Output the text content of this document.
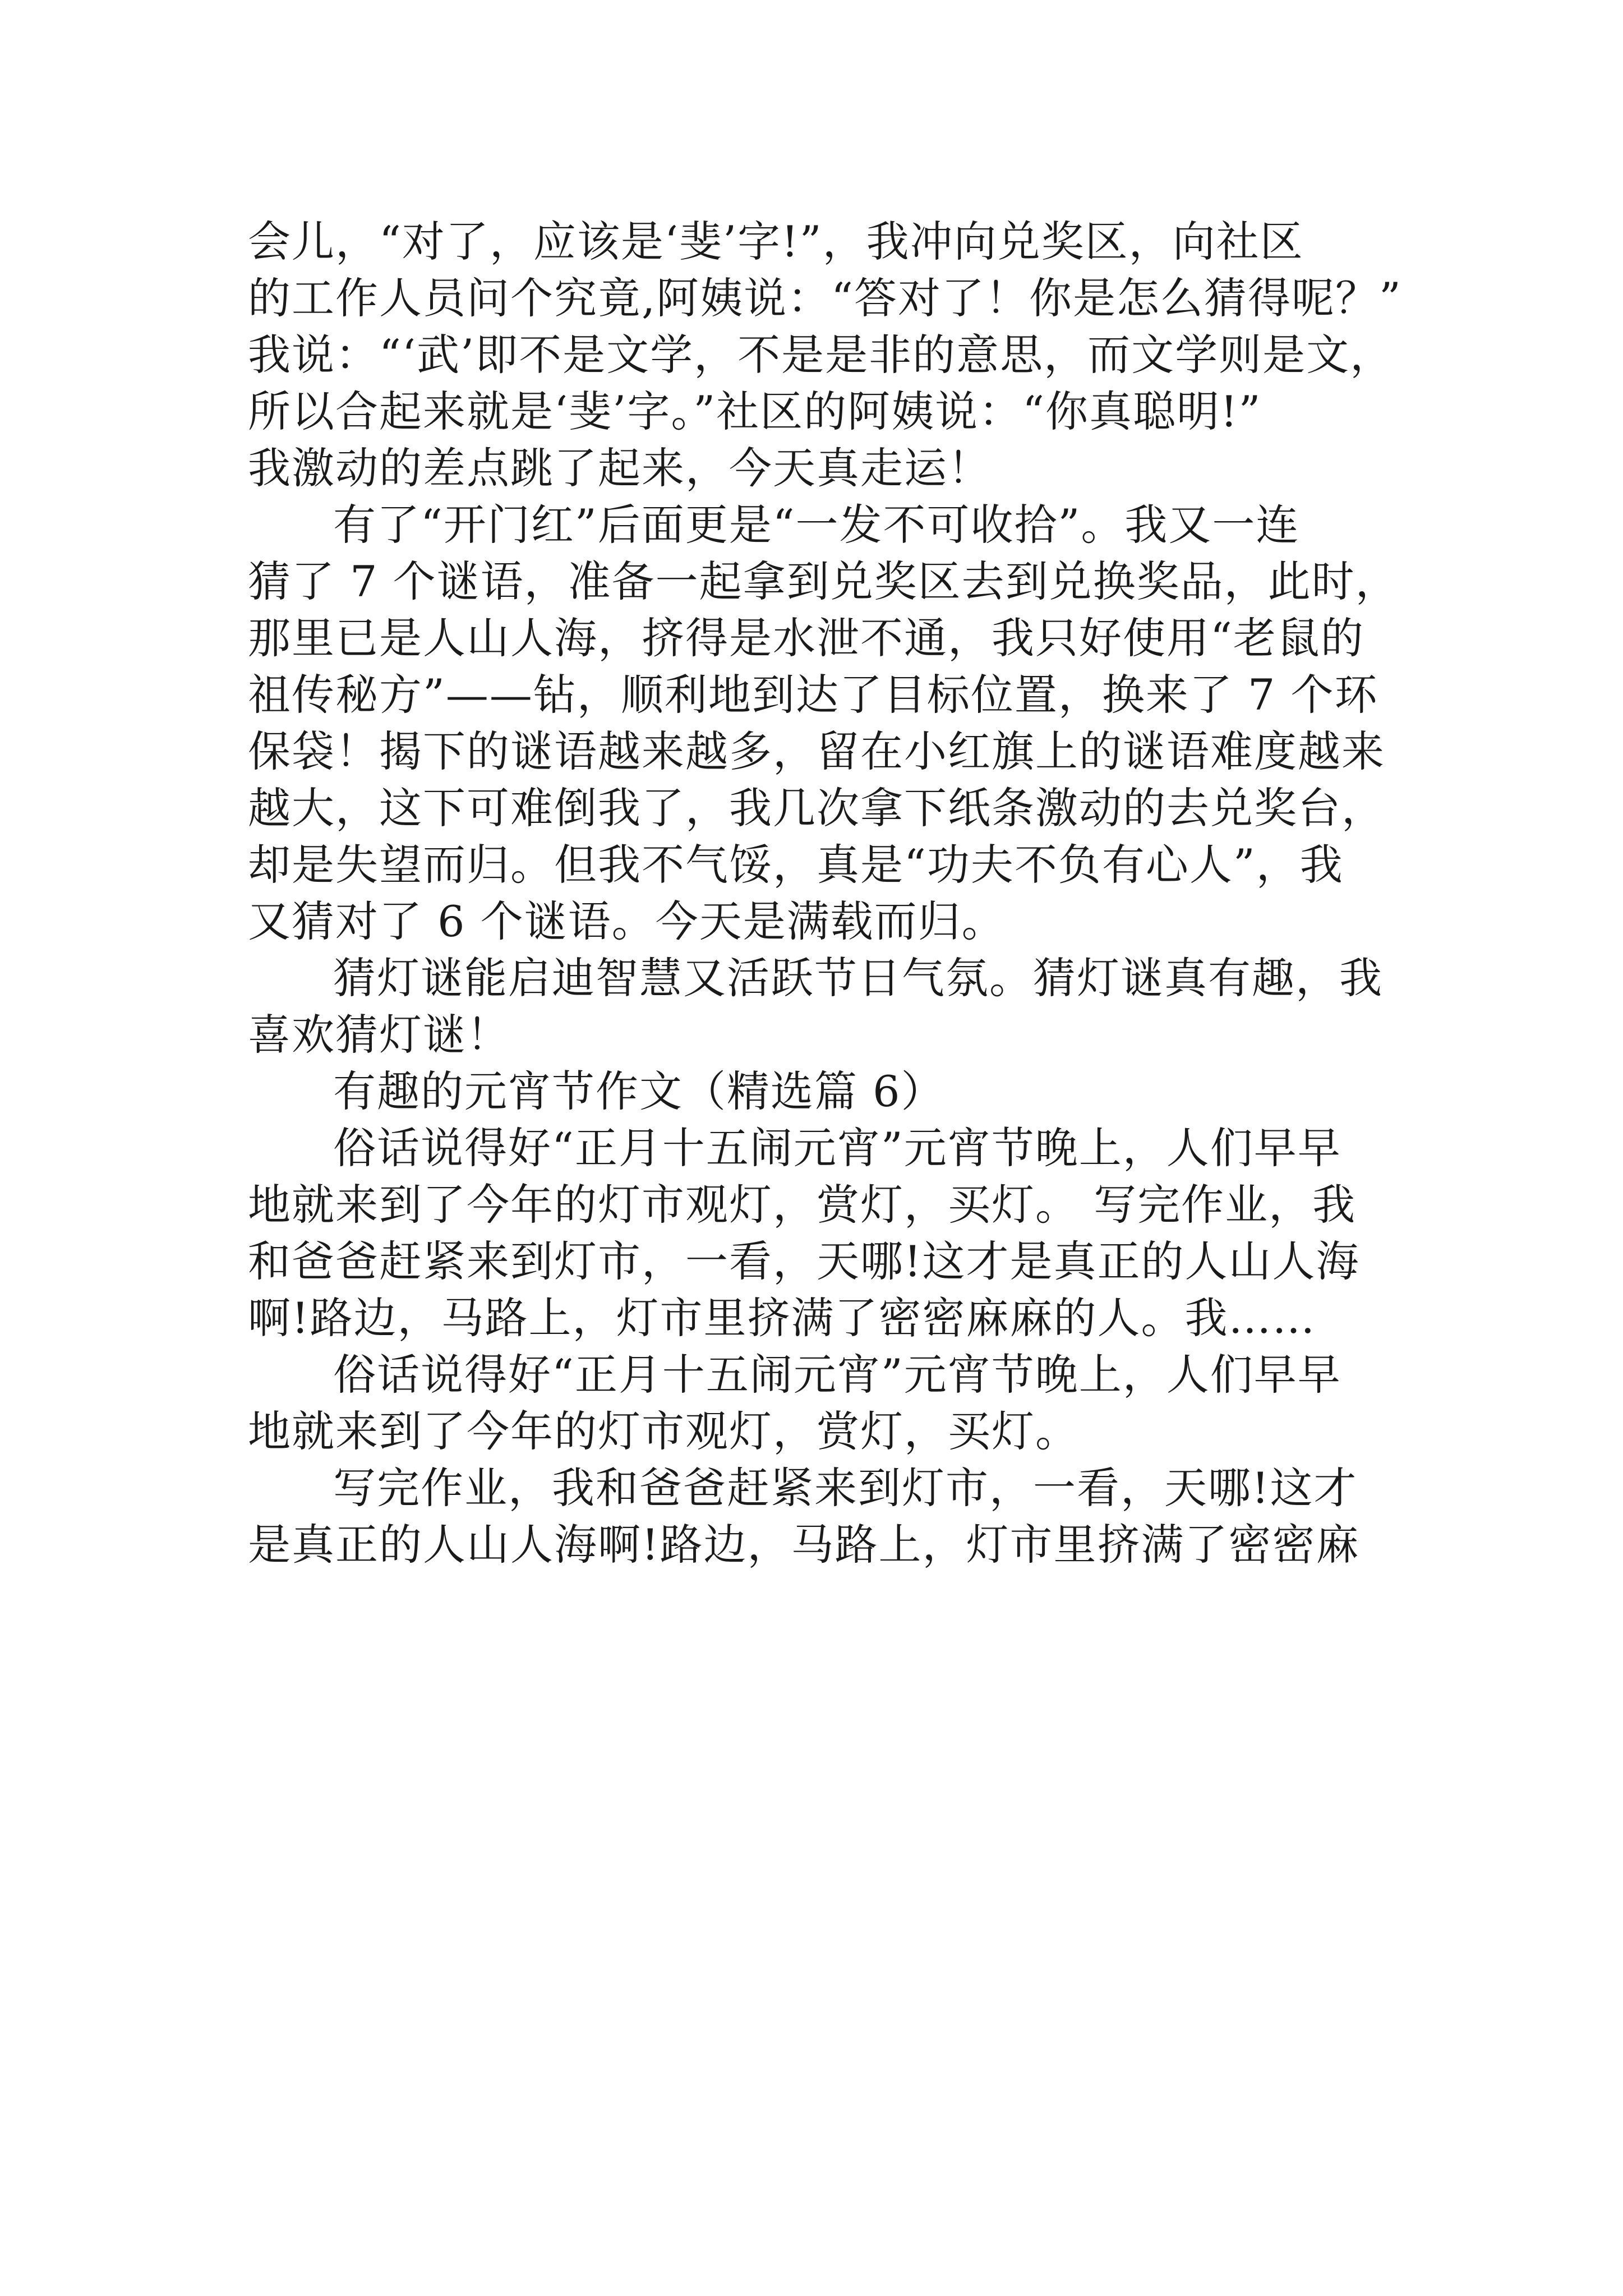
会儿，“对了，应该是‘斐’字!”，我冲向兑奖区，向社区
的工作人员问个究竟,阿姨说：“答对了！你是怎么猜得呢？”
我说：“‘武’即不是文学，不是是非的意思，而文学则是文，
所以合起来就是‘斐’字。”社区的阿姨说：“你真聪明!”
我激动的差点跳了起来，今天真走运！
有了“开门红”后面更是“一发不可收拾”。我又一连
猜了 7 个谜语，准备一起拿到兑奖区去到兑换奖品，此时，
那里已是人山人海，挤得是水泄不通，我只好使用“老鼠的
祖传秘方”——钻，顺利地到达了目标位置，换来了 7 个环
保袋！揭下的谜语越来越多，留在小红旗上的谜语难度越来
越大，这下可难倒我了，我几次拿下纸条激动的去兑奖台，
却是失望而归。但我不气馁，真是“功夫不负有心人”，我
又猜对了 6 个谜语。今天是满载而归。
猜灯谜能启迪智慧又活跃节日气氛。猜灯谜真有趣，我
喜欢猜灯谜！
有趣的元宵节作文（精选篇 6）
俗话说得好“正月十五闹元宵”元宵节晚上，人们早早
地就来到了今年的灯市观灯，赏灯，买灯。 写完作业，我
和爸爸赶紧来到灯市，一看，天哪!这才是真正的人山人海
啊!路边，马路上，灯市里挤满了密密麻麻的人。我……
俗话说得好“正月十五闹元宵”元宵节晚上，人们早早
地就来到了今年的灯市观灯，赏灯，买灯。
写完作业，我和爸爸赶紧来到灯市，一看，天哪!这才
是真正的人山人海啊!路边，马路上，灯市里挤满了密密麻
